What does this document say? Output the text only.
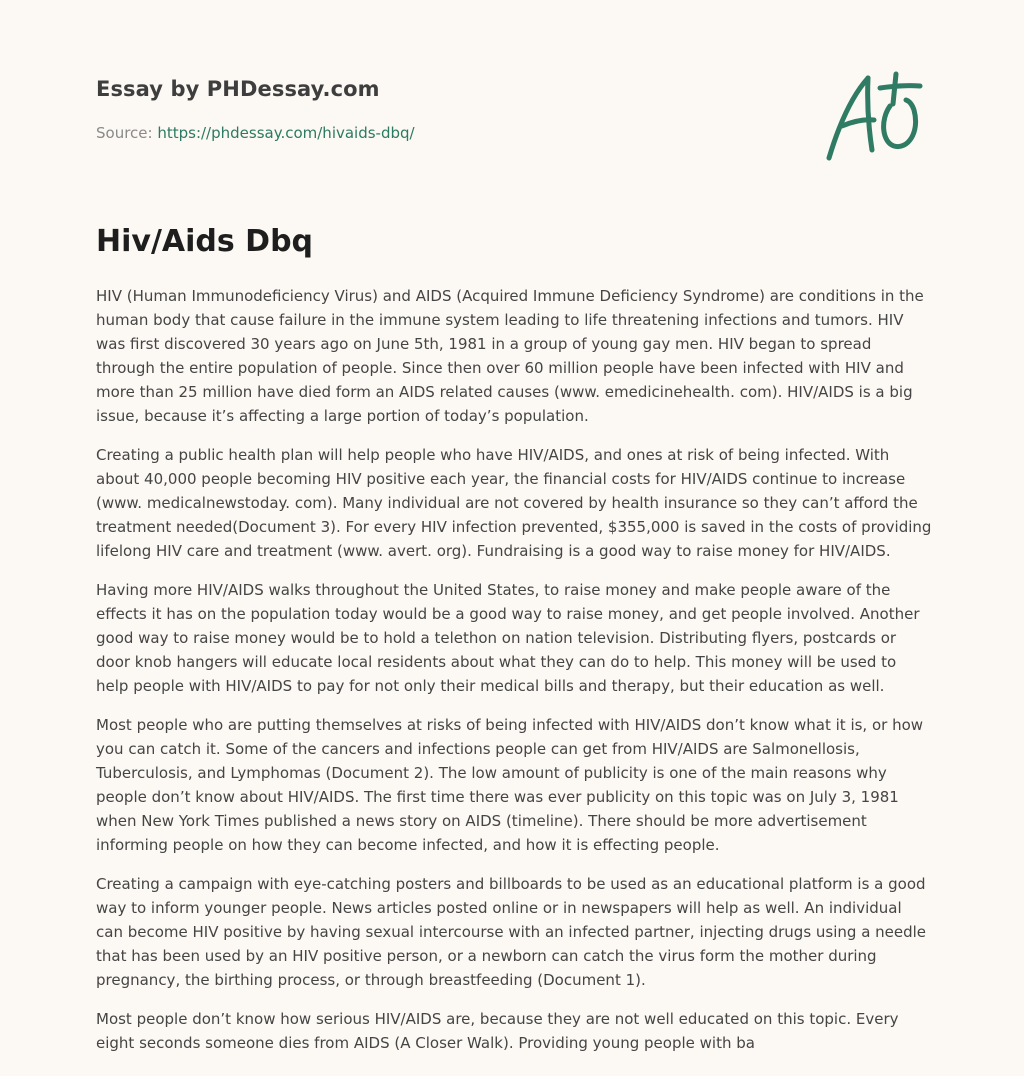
Essay by PHDessay.com
Source: https://phdessay.com/hivaids-dbq/
Hiv/Aids Dbq

HIV (Human Immunodeficiency Virus) and AIDS (Acquired Immune Deficiency Syndrome) are conditions in the human body that cause failure in the immune system leading to life threatening infections and tumors. HIV was first discovered 30 years ago on June 5th, 1981 in a group of young gay men. HIV began to spread through the entire population of people. Since then over 60 million people have been infected with HIV and more than 25 million have died form an AIDS related causes (www. emedicinehealth. com). HIV/AIDS is a big issue, because it’s affecting a large portion of today’s population.

Creating a public health plan will help people who have HIV/AIDS, and ones at risk of being infected. With about 40,000 people becoming HIV positive each year, the financial costs for HIV/AIDS continue to increase (www. medicalnewstoday. com). Many individual are not covered by health insurance so they can’t afford the treatment needed(Document 3). For every HIV infection prevented, $355,000 is saved in the costs of providing lifelong HIV care and treatment (www. avert. org). Fundraising is a good way to raise money for HIV/AIDS.

Having more HIV/AIDS walks throughout the United States, to raise money and make people aware of the effects it has on the population today would be a good way to raise money, and get people involved. Another good way to raise money would be to hold a telethon on nation television. Distributing flyers, postcards or door knob hangers will educate local residents about what they can do to help. This money will be used to help people with HIV/AIDS to pay for not only their medical bills and therapy, but their education as well.

Most people who are putting themselves at risks of being infected with HIV/AIDS don’t know what it is, or how you can catch it. Some of the cancers and infections people can get from HIV/AIDS are Salmonellosis, Tuberculosis, and Lymphomas (Document 2). The low amount of publicity is one of the main reasons why people don’t know about HIV/AIDS. The first time there was ever publicity on this topic was on July 3, 1981 when New York Times published a news story on AIDS (timeline). There should be more advertisement informing people on how they can become infected, and how it is effecting people.

Creating a campaign with eye-catching posters and billboards to be used as an educational platform is a good way to inform younger people. News articles posted online or in newspapers will help as well. An individual can become HIV positive by having sexual intercourse with an infected partner, injecting drugs using a needle that has been used by an HIV positive person, or a newborn can catch the virus form the mother during pregnancy, the birthing process, or through breastfeeding (Document 1).

Most people don’t know how serious HIV/AIDS are, because they are not well educated on this topic. Every eight seconds someone dies from AIDS (A Closer Walk). Providing young people with ba
